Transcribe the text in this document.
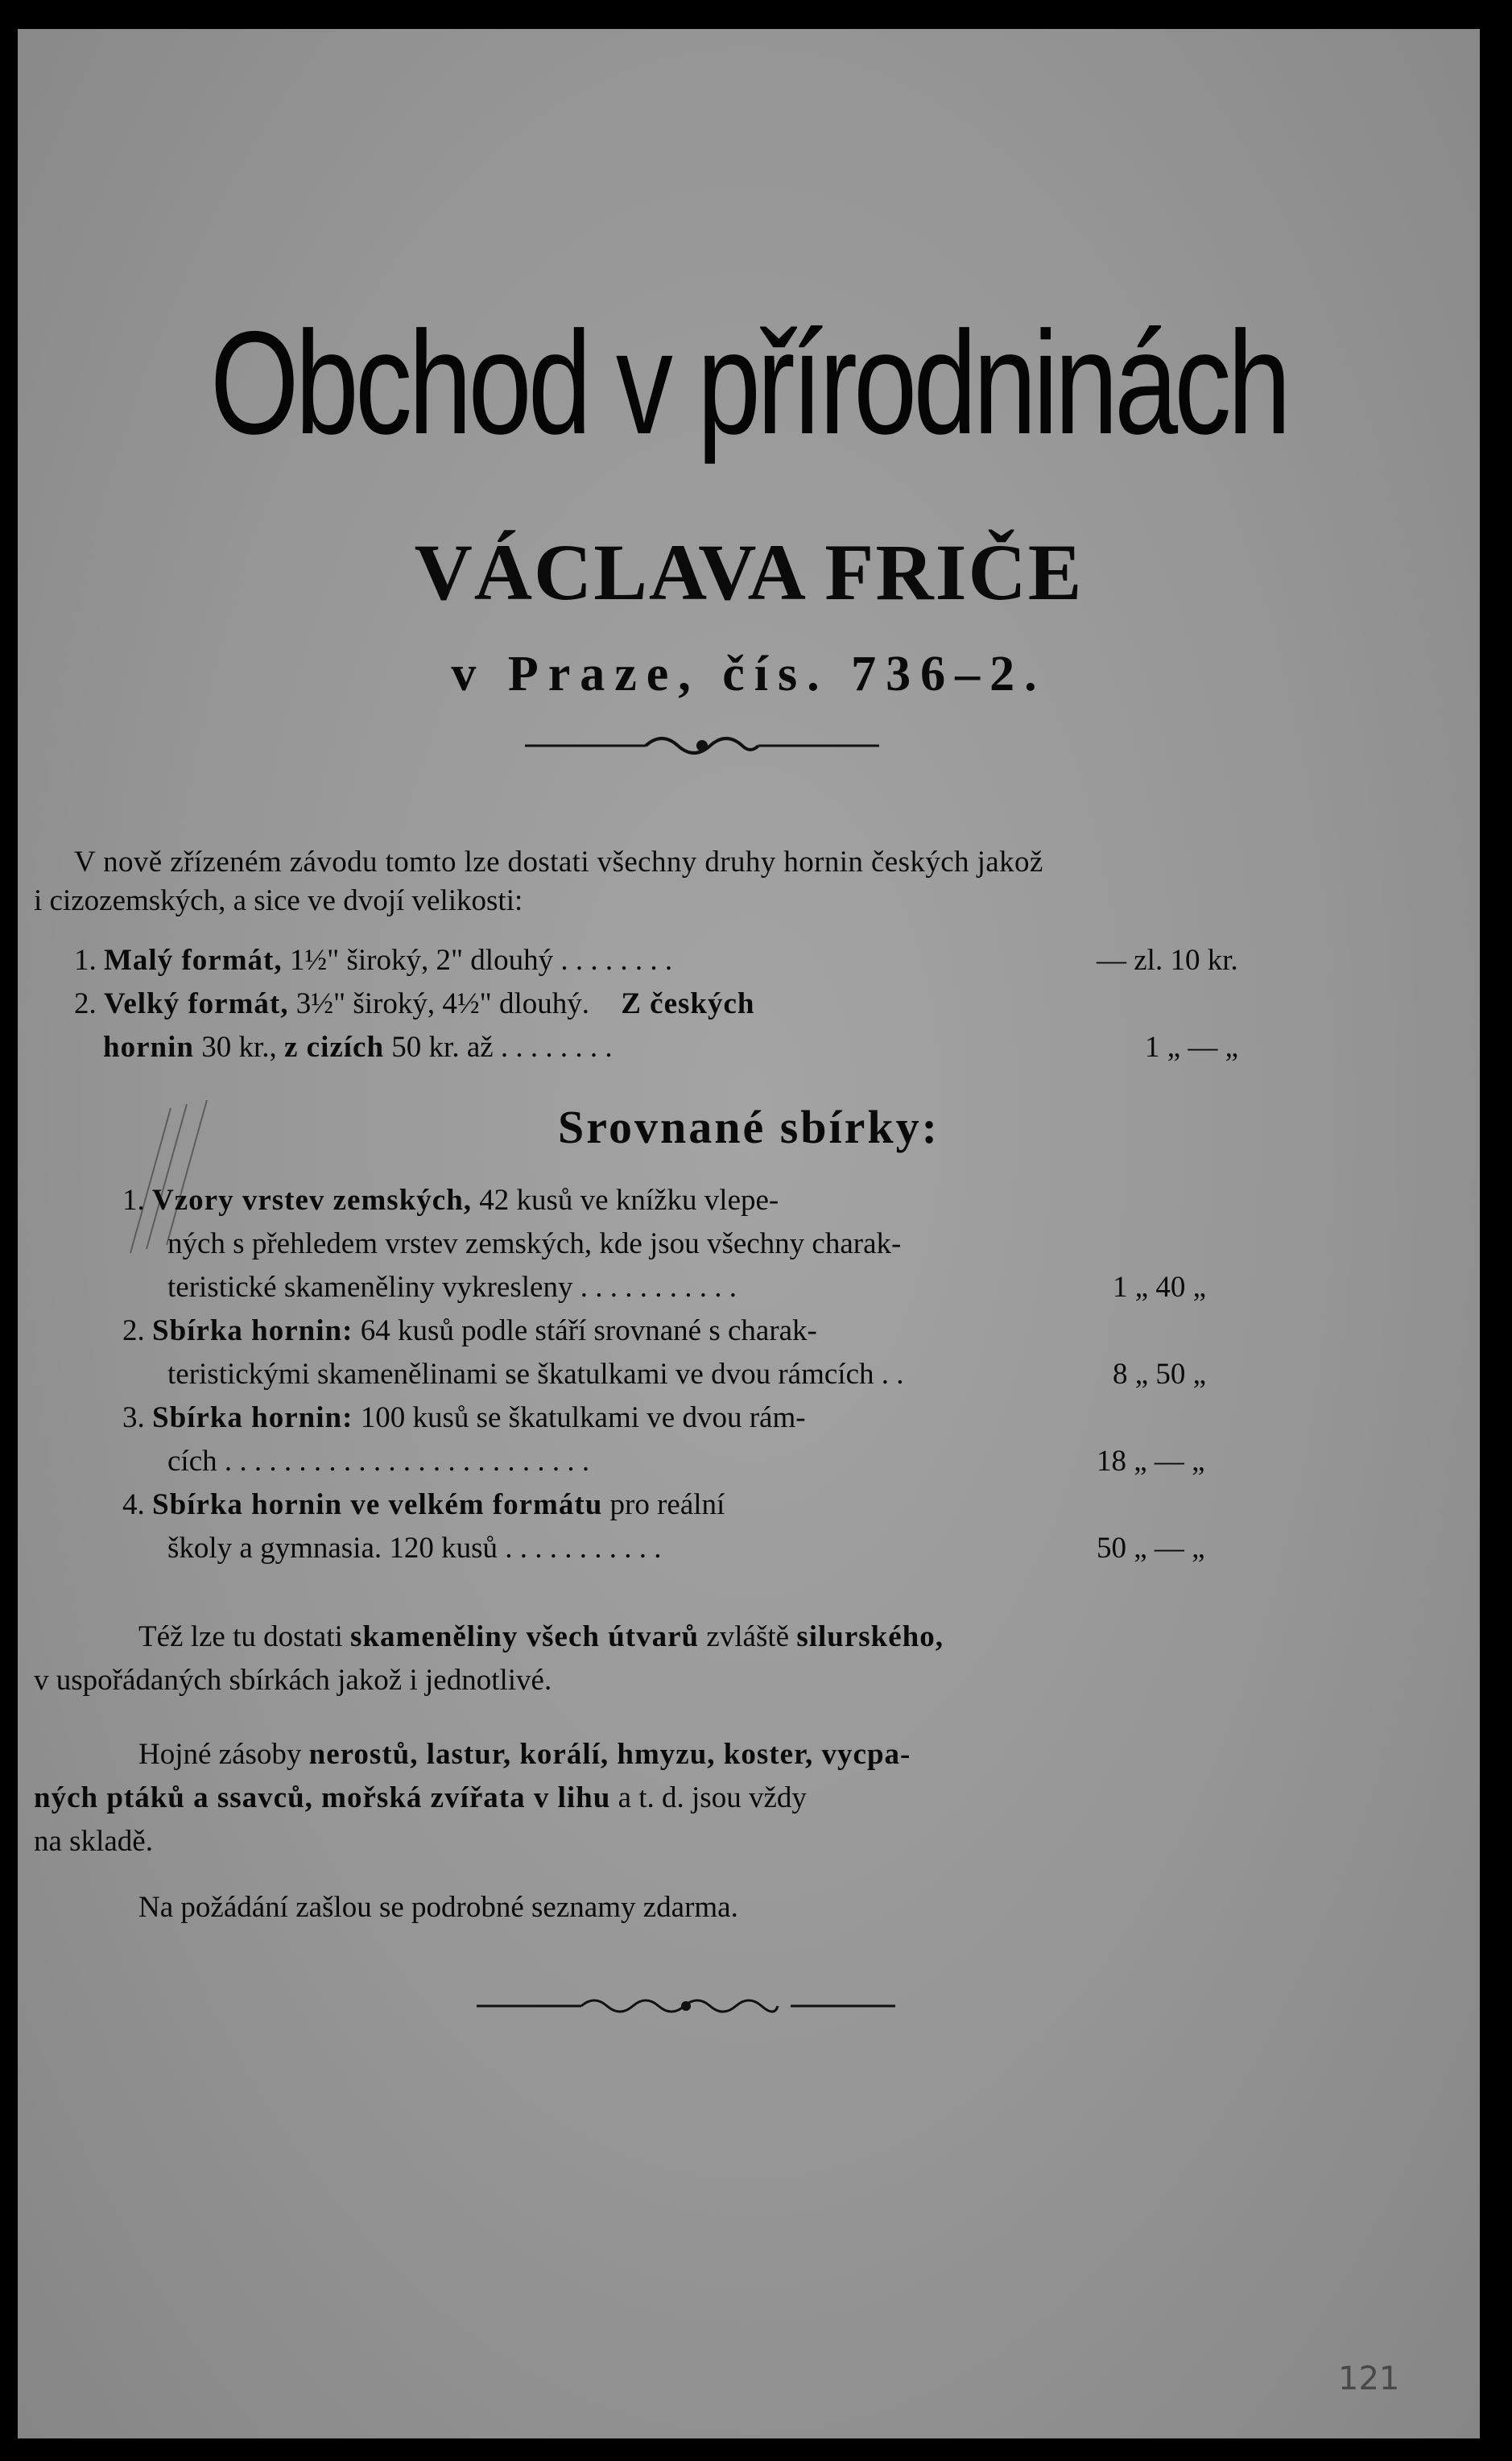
Obchod v přírodninách
VÁCLAVA FRIČE
v Praze, čís. 736–2.
V nově zřízeném závodu tomto lze dostati všechny druhy hornin českých jakož
i cizozemských, a sice ve dvojí velikosti:
1. Malý formát, 1½" široký, 2" dlouhý . . . . . . . .	— zl. 10 kr.
2. Velký formát, 3½" široký, 4½" dlouhý. Z českých
hornin 30 kr., z cizích 50 kr. až . . . . . . . .	1 „ — „
Srovnané sbírky:
1. Vzory vrstev zemských, 42 kusů ve knížku vlepe-
ných s přehledem vrstev zemských, kde jsou všechny charak-
teristické skameněliny vykresleny . . . . . . . . . . .	1 „ 40 „
2. Sbírka hornin: 64 kusů podle stáří srovnané s charak-
teristickými skamenělinami se škatulkami ve dvou rámcích . .	8 „ 50 „
3. Sbírka hornin: 100 kusů se škatulkami ve dvou rám-
cích . . . . . . . . . . . . . . . . . . . . . . . . .	18 „ — „
4. Sbírka hornin ve velkém formátu pro reální
školy a gymnasia. 120 kusů . . . . . . . . . . .	50 „ — „
Též lze tu dostati skameněliny všech útvarů zvláště silurského,
v uspořádaných sbírkách jakož i jednotlivé.
Hojné zásoby nerostů, lastur, korálí, hmyzu, koster, vycpa-
ných ptáků a ssavců, mořská zvířata v lihu a t. d. jsou vždy
na skladě.
Na požádání zašlou se podrobné seznamy zdarma.
121
